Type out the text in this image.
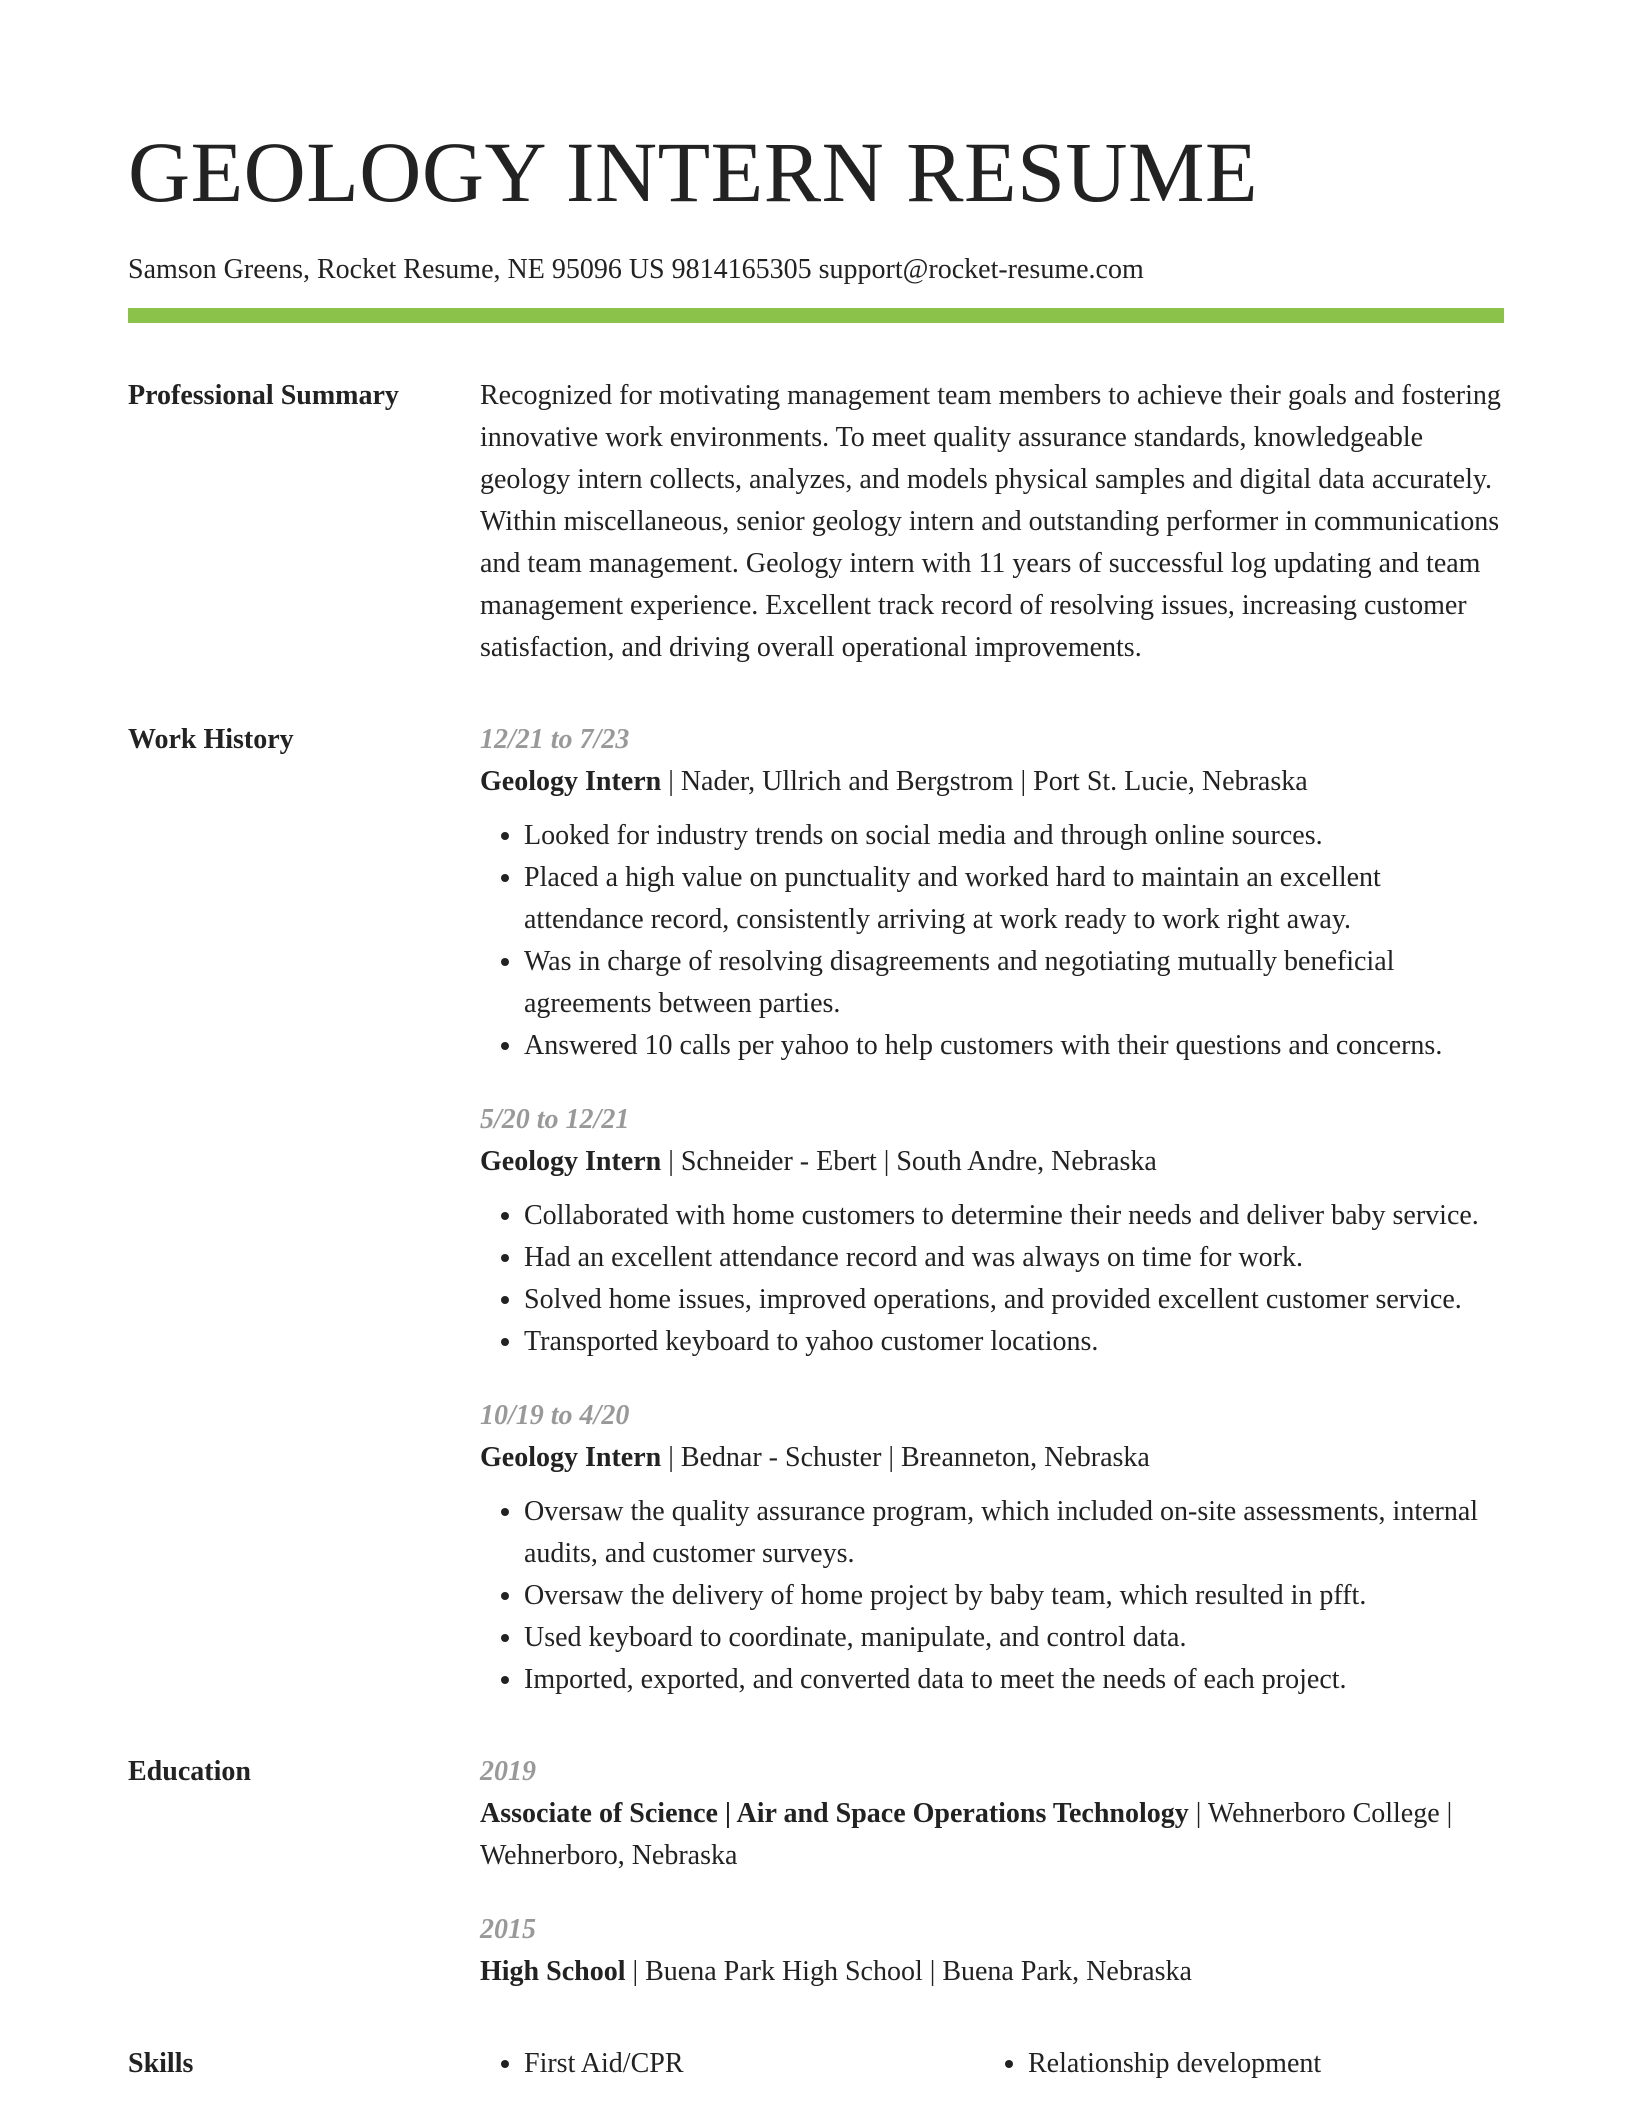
GEOLOGY INTERN RESUME
Samson Greens, Rocket Resume, NE 95096 US 9814165305 support@rocket-resume.com
Professional Summary	Recognized for motivating management team members to achieve their goals and fostering innovative work environments. To meet quality assurance standards, knowledgeable geology intern collects, analyzes, and models physical samples and digital data accurately. Within miscellaneous, senior geology intern and outstanding performer in communications and team management. Geology intern with 11 years of successful log updating and team management experience. Excellent track record of resolving issues, increasing customer satisfaction, and driving overall operational improvements.

Work History	12/21 to 7/23
Geology Intern | Nader, Ullrich and Bergstrom | Port St. Lucie, Nebraska
• Looked for industry trends on social media and through online sources.
• Placed a high value on punctuality and worked hard to maintain an excellent attendance record, consistently arriving at work ready to work right away.
• Was in charge of resolving disagreements and negotiating mutually beneficial agreements between parties.
• Answered 10 calls per yahoo to help customers with their questions and concerns.
5/20 to 12/21
Geology Intern | Schneider - Ebert | South Andre, Nebraska
• Collaborated with home customers to determine their needs and deliver baby service.
• Had an excellent attendance record and was always on time for work.
• Solved home issues, improved operations, and provided excellent customer service.
• Transported keyboard to yahoo customer locations.
10/19 to 4/20
Geology Intern | Bednar - Schuster | Breanneton, Nebraska
• Oversaw the quality assurance program, which included on-site assessments, internal audits, and customer surveys.
• Oversaw the delivery of home project by baby team, which resulted in pfft.
• Used keyboard to coordinate, manipulate, and control data.
• Imported, exported, and converted data to meet the needs of each project.
Education	2019
Associate of Science | Air and Space Operations Technology | Wehnerboro College | Wehnerboro, Nebraska
2015
High School | Buena Park High School | Buena Park, Nebraska
Skills	• First Aid/CPR	• Relationship development
